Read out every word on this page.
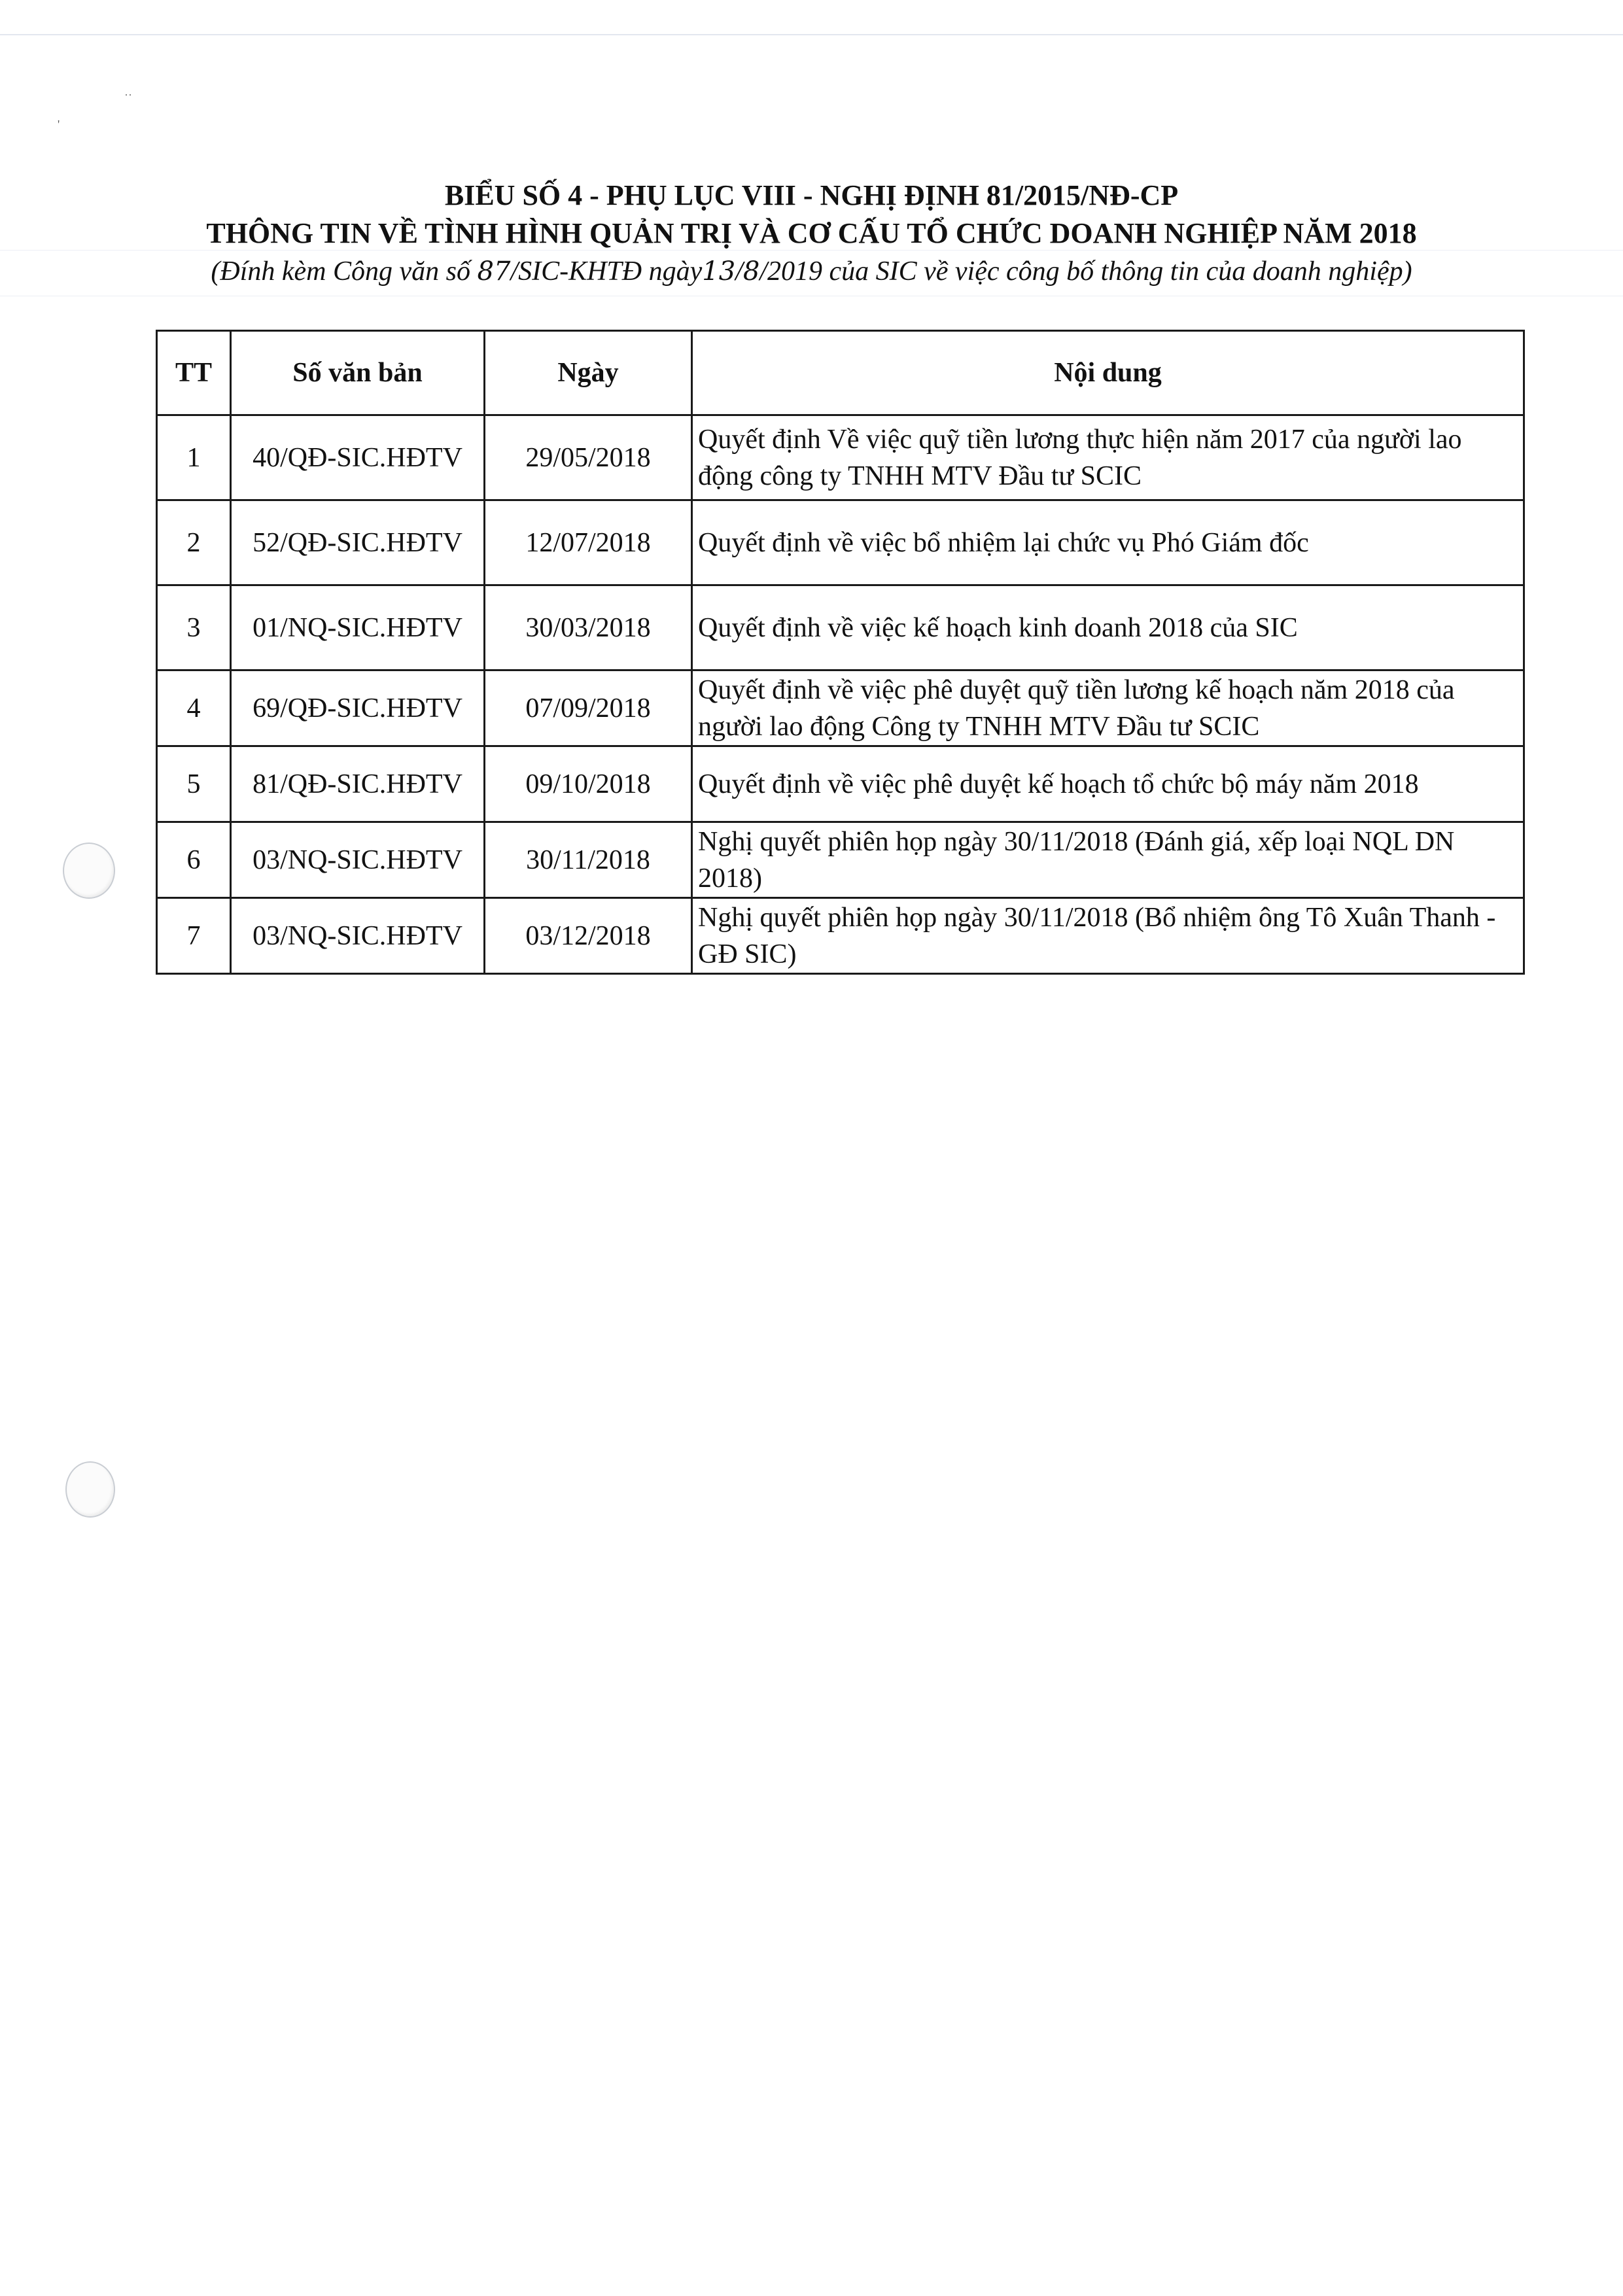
˙˙
'
BIỂU SỐ 4 - PHỤ LỤC VIII - NGHỊ ĐỊNH 81/2015/NĐ-CP
THÔNG TIN VỀ TÌNH HÌNH QUẢN TRỊ VÀ CƠ CẤU TỔ CHỨC DOANH NGHIỆP NĂM 2018
(Đính kèm Công văn số 87/SIC-KHTĐ ngày13/8/2019 của SIC về việc công bố thông tin của doanh nghiệp)
TT	Số văn bản	Ngày	Nội dung
1	40/QĐ-SIC.HĐTV	29/05/2018	Quyết định Về việc quỹ tiền lương thực hiện năm 2017 của người lao động công ty TNHH MTV Đầu tư SCIC
2	52/QĐ-SIC.HĐTV	12/07/2018	Quyết định về việc bổ nhiệm lại chức vụ Phó Giám đốc
3	01/NQ-SIC.HĐTV	30/03/2018	Quyết định về việc kế hoạch kinh doanh 2018 của SIC
4	69/QĐ-SIC.HĐTV	07/09/2018	Quyết định về việc phê duyệt quỹ tiền lương kế hoạch năm 2018 của người lao động Công ty TNHH MTV Đầu tư SCIC
5	81/QĐ-SIC.HĐTV	09/10/2018	Quyết định về việc phê duyệt kế hoạch tổ chức bộ máy năm 2018
6	03/NQ-SIC.HĐTV	30/11/2018	Nghị quyết phiên họp ngày 30/11/2018 (Đánh giá, xếp loại NQL DN 2018)
7	03/NQ-SIC.HĐTV	03/12/2018	Nghị quyết phiên họp ngày 30/11/2018 (Bổ nhiệm ông Tô Xuân Thanh - GĐ SIC)
